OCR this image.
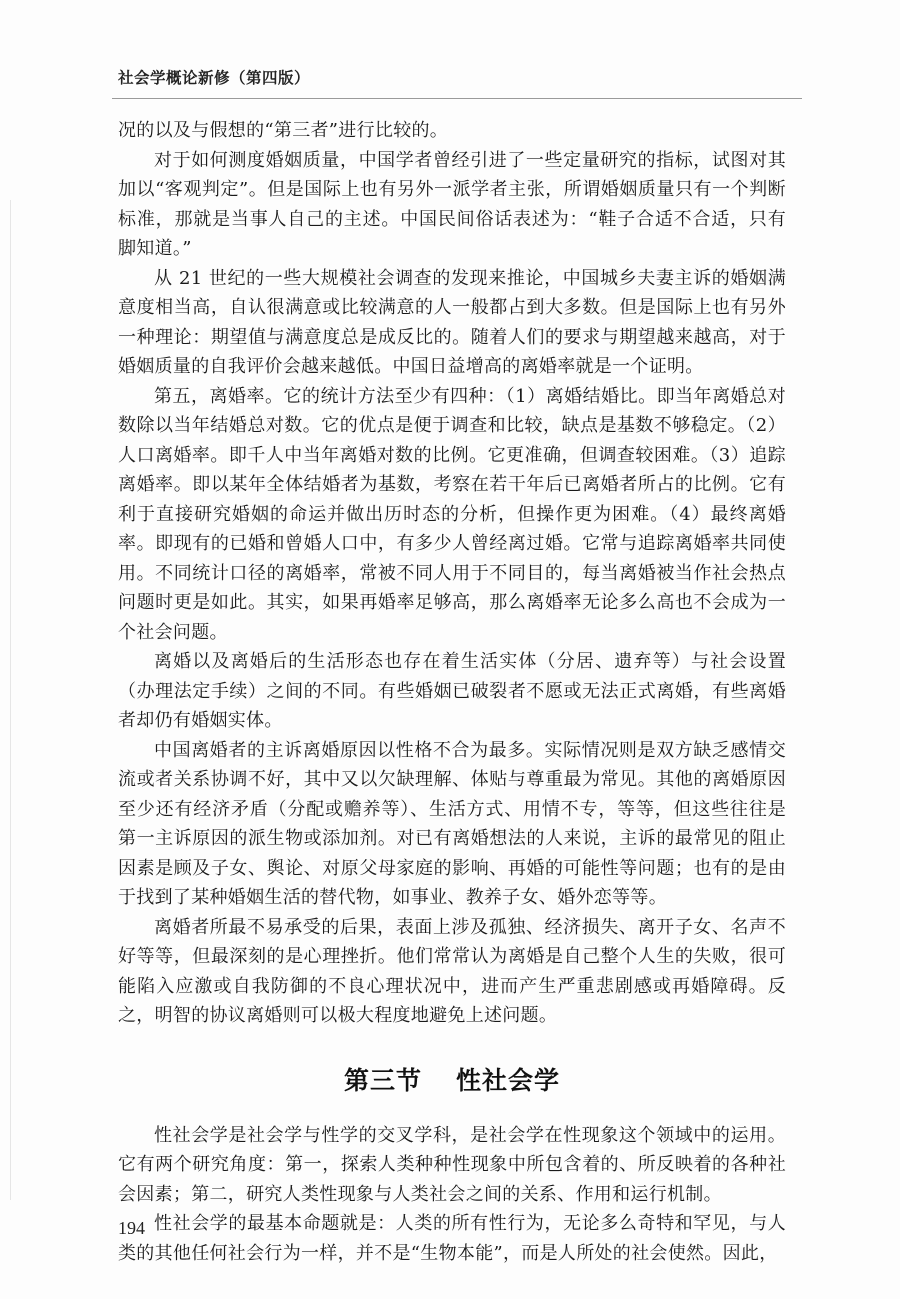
社会学概论新修（第四版）

况的以及与假想的“第三者”进行比较的。

对于如何测度婚姻质量，中国学者曾经引进了一些定量研究的指标，试图对其加以“客观判定”。但是国际上也有另外一派学者主张，所谓婚姻质量只有一个判断标准，那就是当事人自己的主述。中国民间俗话表述为：“鞋子合适不合适，只有脚知道。”

从 21 世纪的一些大规模社会调查的发现来推论，中国城乡夫妻主诉的婚姻满意度相当高，自认很满意或比较满意的人一般都占到大多数。但是国际上也有另外一种理论：期望值与满意度总是成反比的。随着人们的要求与期望越来越高，对于婚姻质量的自我评价会越来越低。中国日益增高的离婚率就是一个证明。

第五，离婚率。它的统计方法至少有四种：（1）离婚结婚比。即当年离婚总对数除以当年结婚总对数。它的优点是便于调查和比较，缺点是基数不够稳定。（2）人口离婚率。即千人中当年离婚对数的比例。它更准确，但调查较困难。（3）追踪离婚率。即以某年全体结婚者为基数，考察在若干年后已离婚者所占的比例。它有利于直接研究婚姻的命运并做出历时态的分析，但操作更为困难。（4）最终离婚率。即现有的已婚和曾婚人口中，有多少人曾经离过婚。它常与追踪离婚率共同使用。不同统计口径的离婚率，常被不同人用于不同目的，每当离婚被当作社会热点问题时更是如此。其实，如果再婚率足够高，那么离婚率无论多么高也不会成为一个社会问题。

离婚以及离婚后的生活形态也存在着生活实体（分居、遗弃等）与社会设置（办理法定手续）之间的不同。有些婚姻已破裂者不愿或无法正式离婚，有些离婚者却仍有婚姻实体。

中国离婚者的主诉离婚原因以性格不合为最多。实际情况则是双方缺乏感情交流或者关系协调不好，其中又以欠缺理解、体贴与尊重最为常见。其他的离婚原因至少还有经济矛盾（分配或赡养等）、生活方式、用情不专，等等，但这些往往是第一主诉原因的派生物或添加剂。对已有离婚想法的人来说，主诉的最常见的阻止因素是顾及子女、舆论、对原父母家庭的影响、再婚的可能性等问题；也有的是由于找到了某种婚姻生活的替代物，如事业、教养子女、婚外恋等等。

离婚者所最不易承受的后果，表面上涉及孤独、经济损失、离开子女、名声不好等等，但最深刻的是心理挫折。他们常常认为离婚是自己整个人生的失败，很可能陷入应激或自我防御的不良心理状况中，进而产生严重悲剧感或再婚障碍。反之，明智的协议离婚则可以极大程度地避免上述问题。

第三节 性社会学

性社会学是社会学与性学的交叉学科，是社会学在性现象这个领域中的运用。它有两个研究角度：第一，探索人类种种性现象中所包含着的、所反映着的各种社会因素；第二，研究人类性现象与人类社会之间的关系、作用和运行机制。

性社会学的最基本命题就是：人类的所有性行为，无论多么奇特和罕见，与人类的其他任何社会行为一样，并不是“生物本能”，而是人所处的社会使然。因此，

194
